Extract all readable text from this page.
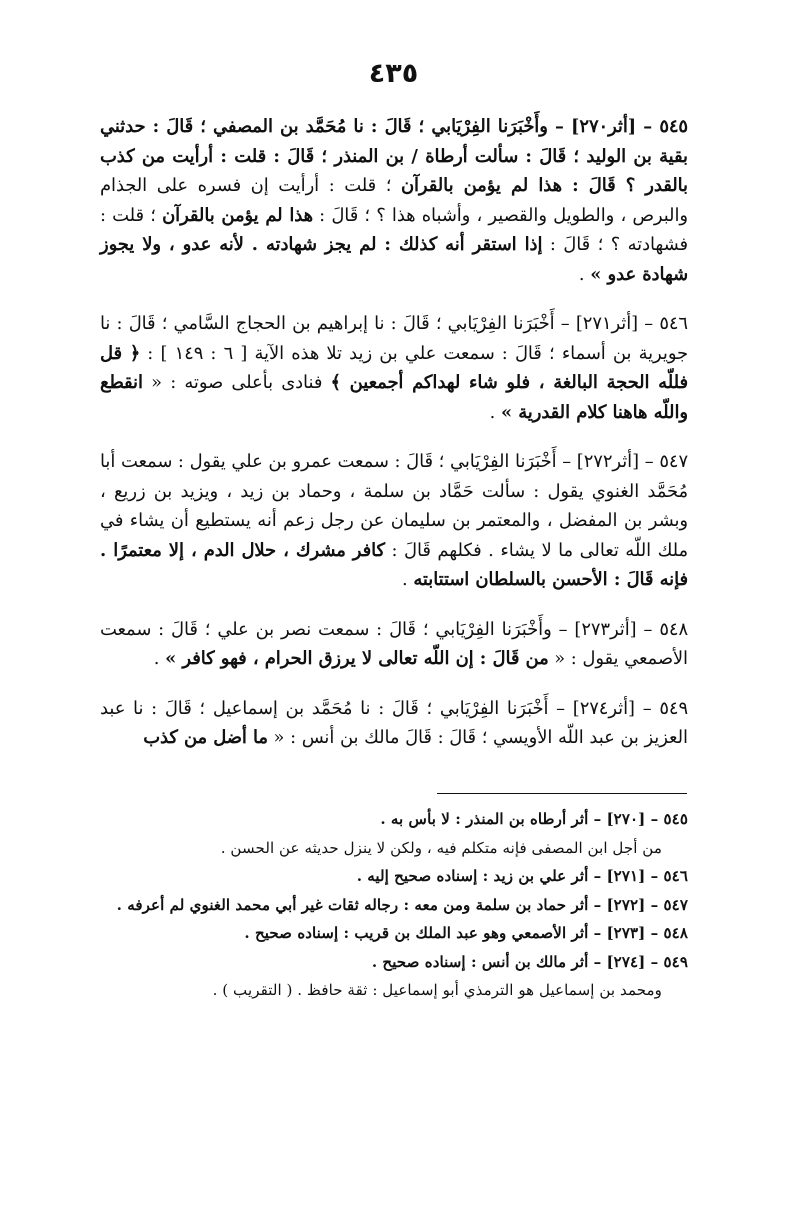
٤٣٥

٥٤٥ – [أثر٢٧٠] – وأَخْبَرَنا الفِرْيَابي ؛ قَالَ : نا مُحَمَّد بن المصفي ؛ قَالَ : حدثني بقية بن الوليد ؛ قَالَ : سألت أرطاة / بن المنذر ؛ قَالَ : قلت : أرأيت من كذب بالقدر ؟ قَالَ : هذا لم يؤمن بالقرآن ؛ قلت : أرأيت إن فسره على الجذام والبرص ، والطويل والقصير ، وأشباه هذا ؟ ؛ قَالَ : هذا لم يؤمن بالقرآن ؛ قلت : فشهادته ؟ ؛ قَالَ : إذا استقر أنه كذلك : لم يجز شهادته . لأنه عدو ، ولا يجوز شهادة عدو » .

٥٤٦ – [أثر٢٧١] – أَخْبَرَنا الفِرْيَابي ؛ قَالَ : نا إبراهيم بن الحجاج السَّامي ؛ قَالَ : نا جويرية بن أسماء ؛ قَالَ : سمعت علي بن زيد تلا هذه الآية [ ٦ : ١٤٩ ] : ﴿ قل فللّه الحجة البالغة ، فلو شاء لهداكم أجمعين ﴾ فنادى بأعلى صوته : « انقطع واللّه هاهنا كلام القدرية » .

٥٤٧ – [أثر٢٧٢] – أَخْبَرَنا الفِرْيَابي ؛ قَالَ : سمعت عمرو بن علي يقول : سمعت أبا مُحَمَّد الغنوي يقول : سألت حَمَّاد بن سلمة ، وحماد بن زيد ، ويزيد بن زريع ، وبشر بن المفضل ، والمعتمر بن سليمان عن رجل زعم أنه يستطيع أن يشاء في ملك اللّه تعالى ما لا يشاء . فكلهم قَالَ : كافر مشرك ، حلال الدم ، إلا معتمرًا . فإنه قَالَ : الأحسن بالسلطان استتابته .

٥٤٨ – [أثر٢٧٣] – وأَخْبَرَنا الفِرْيَابي ؛ قَالَ : سمعت نصر بن علي ؛ قَالَ : سمعت الأصمعي يقول : « من قَالَ : إن اللّه تعالى لا يرزق الحرام ، فهو كافر » .

٥٤٩ – [أثر٢٧٤] – أَخْبَرَنا الفِرْيَابي ؛ قَالَ : نا مُحَمَّد بن إسماعيل ؛ قَالَ : نا عبد العزيز بن عبد اللّه الأويسي ؛ قَالَ : قَالَ مالك بن أنس : « ما أضل من كذب

٥٤٥ – [٢٧٠] – أثر أرطاه بن المنذر : لا بأس به .

من أجل ابن المصفى فإنه متكلم فيه ، ولكن لا ينزل حديثه عن الحسن .

٥٤٦ – [٢٧١] – أثر علي بن زيد : إسناده صحيح إليه .

٥٤٧ – [٢٧٢] – أثر حماد بن سلمة ومن معه : رجاله ثقات غير أبي محمد الغنوي لم أعرفه .

٥٤٨ – [٢٧٣] – أثر الأصمعي وهو عبد الملك بن قريب : إسناده صحيح .

٥٤٩ – [٢٧٤] – أثر مالك بن أنس : إسناده صحيح .

ومحمد بن إسماعيل هو الترمذي أبو إسماعيل : ثقة حافظ . ( التقريب ) .
